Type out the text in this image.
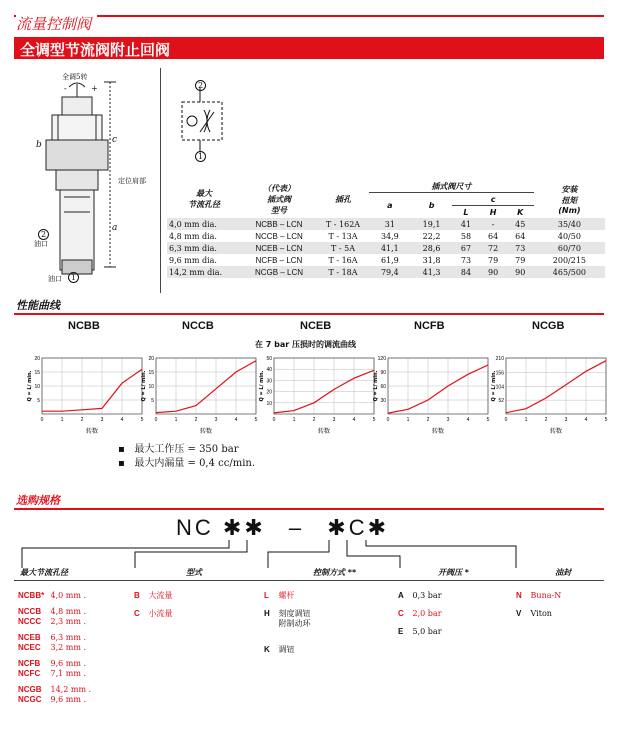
流量控制阀
全调型节流阀附止回阀
全调5转
-	+
c
a
b
定位肩部
2
油口
油口	1
2
1
最大
节流孔径	（代表）
插式阀
型号	插孔	插式阀尺寸					安装
扭矩
(Nm)
			a	b	c			
					L	H	K	
4,0 mm dia.	NCBB – LCN	T - 162A	31	19,1	41	-	45	35/40
4,8 mm dia.	NCCB – LCN	T - 13A	34,9	22,2	58	64	64	40/50
6,3 mm dia.	NCEB – LCN	T - 5A	41,1	28,6	67	72	73	60/70
9,6 mm dia.	NCFB – LCN	T - 16A	61,9	31,8	73	79	79	200/215
14,2 mm dia.	NCGB – LCN	T - 18A	79,4	41,3	84	90	90	465/500
性能曲线
在 7 bar 压损时的调流曲线
NCBB
5
10
15
20
0	1	2	3	4	5
转数
Q = L/ min.
NCCB
5
10
15
20
0	1	2	3	4	5
转数
Q = L/ min.
NCEB
10
20
30
40
50
0	1	2	3	4	5
转数
Q = L/ min.
NCFB
30
60
90
120
0	1	2	3	4	5
转数
Q = L/ min.
NCGB
52
104
156
210
0	1	2	3	4	5
转数
Q = L/ min.
▪   最大工作压 = 350 bar
▪   最大内漏量 = 0,4 cc/min.
选购规格
NC ✱✱ – ✱C✱
最大节流孔径	型式	控制方式 **	开阀压 *	油封
NCBB* 4,0 mm .
NCCB 4,8 mm .
NCCC 2,3 mm .
NCEB 6,3 mm .
NCEC 3,2 mm .
NCFB 9,6 mm .
NCFC 7,1 mm .
NCGB 14,2 mm .
NCGC 9,6 mm .
B 大流量
C 小流量
L 螺杆
H 刻度调钮
附制动环
K 调钮
A 0,3 bar
C 2,0 bar
E 5,0 bar
N Buna-N
V Viton
